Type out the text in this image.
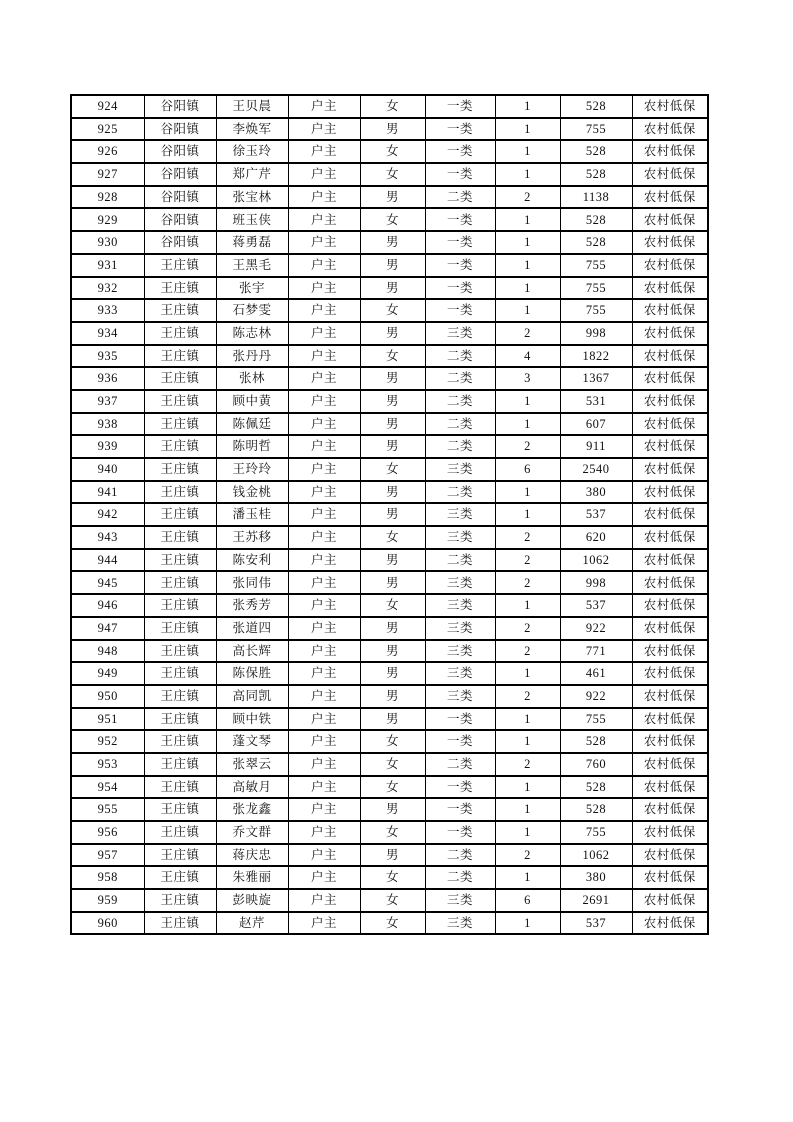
924	谷阳镇	王贝晨	户主	女	一类	1	528	农村低保
925	谷阳镇	李焕军	户主	男	一类	1	755	农村低保
926	谷阳镇	徐玉玲	户主	女	一类	1	528	农村低保
927	谷阳镇	郑广芹	户主	女	一类	1	528	农村低保
928	谷阳镇	张宝林	户主	男	二类	2	1138	农村低保
929	谷阳镇	班玉侠	户主	女	一类	1	528	农村低保
930	谷阳镇	蒋勇磊	户主	男	一类	1	528	农村低保
931	王庄镇	王黑毛	户主	男	一类	1	755	农村低保
932	王庄镇	张宇	户主	男	一类	1	755	农村低保
933	王庄镇	石梦雯	户主	女	一类	1	755	农村低保
934	王庄镇	陈志林	户主	男	三类	2	998	农村低保
935	王庄镇	张丹丹	户主	女	二类	4	1822	农村低保
936	王庄镇	张林	户主	男	二类	3	1367	农村低保
937	王庄镇	顾中黄	户主	男	二类	1	531	农村低保
938	王庄镇	陈佩廷	户主	男	二类	1	607	农村低保
939	王庄镇	陈明哲	户主	男	二类	2	911	农村低保
940	王庄镇	王玲玲	户主	女	三类	6	2540	农村低保
941	王庄镇	钱金桃	户主	男	二类	1	380	农村低保
942	王庄镇	潘玉桂	户主	男	三类	1	537	农村低保
943	王庄镇	王苏移	户主	女	三类	2	620	农村低保
944	王庄镇	陈安利	户主	男	二类	2	1062	农村低保
945	王庄镇	张同伟	户主	男	三类	2	998	农村低保
946	王庄镇	张秀芳	户主	女	三类	1	537	农村低保
947	王庄镇	张道四	户主	男	三类	2	922	农村低保
948	王庄镇	高长辉	户主	男	三类	2	771	农村低保
949	王庄镇	陈保胜	户主	男	三类	1	461	农村低保
950	王庄镇	高同凯	户主	男	三类	2	922	农村低保
951	王庄镇	顾中铁	户主	男	一类	1	755	农村低保
952	王庄镇	蓬文琴	户主	女	一类	1	528	农村低保
953	王庄镇	张翠云	户主	女	二类	2	760	农村低保
954	王庄镇	高敏月	户主	女	一类	1	528	农村低保
955	王庄镇	张龙鑫	户主	男	一类	1	528	农村低保
956	王庄镇	乔文群	户主	女	一类	1	755	农村低保
957	王庄镇	蒋庆忠	户主	男	二类	2	1062	农村低保
958	王庄镇	朱雅丽	户主	女	二类	1	380	农村低保
959	王庄镇	彭映旋	户主	女	三类	6	2691	农村低保
960	王庄镇	赵芹	户主	女	三类	1	537	农村低保
